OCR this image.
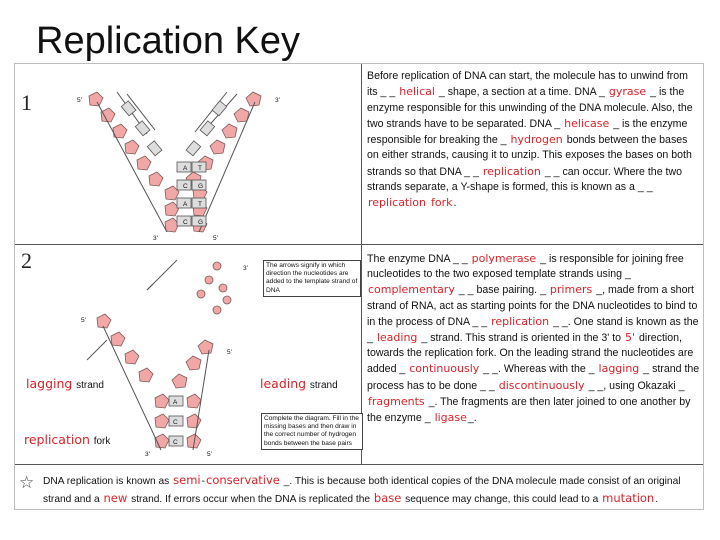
Replication Key
1
A T
C G
A T
C G
5'	3'
3'	5'

Before replication of DNA can start, the molecule has to unwind from its _ _ helical _ shape, a section at a time. DNA _ gyrase _ is the enzyme responsible for this unwinding of the DNA molecule. Also, the two strands have to be separated. DNA _ helicase _ is the enzyme responsible for breaking the _ hydrogen bonds between the bases on either strands, causing it to unzip. This exposes the bases on both strands so that DNA _ _ replication _ _ can occur. Where the two strands separate, a Y-shape is formed, this is known as a _ _ replication fork.

2
A
C
C
3'
5'
5'
3'	5'
The arrows signify in which direction the nucleotides are added to the template strand of DNA
Complete the diagram. Fill in the missing bases and then draw in the correct number of hydrogen bonds between the base pairs
lagging strand	leading strand
replication fork

The enzyme DNA _ _ polymerase _ is responsible for joining free nucleotides to the two exposed template strands using _ complementary _ _ base pairing. _ primers _, made from a short strand of RNA, act as starting points for the DNA nucleotides to bind to in the process of DNA _ _ replication _ _. One stand is known as the _ leading _ strand. This strand is oriented in the 3' to 5' direction, towards the replication fork. On the leading strand the nucleotides are added _ continuously _ _. Whereas with the _ lagging _ strand the process has to be done _ _ discontinuously _ _, using Okazaki _ fragments _. The fragments are then later joined to one another by the enzyme _ ligase_.

☆ DNA replication is known as semi-conservative _. This is because both identical copies of the DNA molecule made consist of an original strand and a new strand. If errors occur when the DNA is replicated the base sequence may change, this could lead to a mutation.
